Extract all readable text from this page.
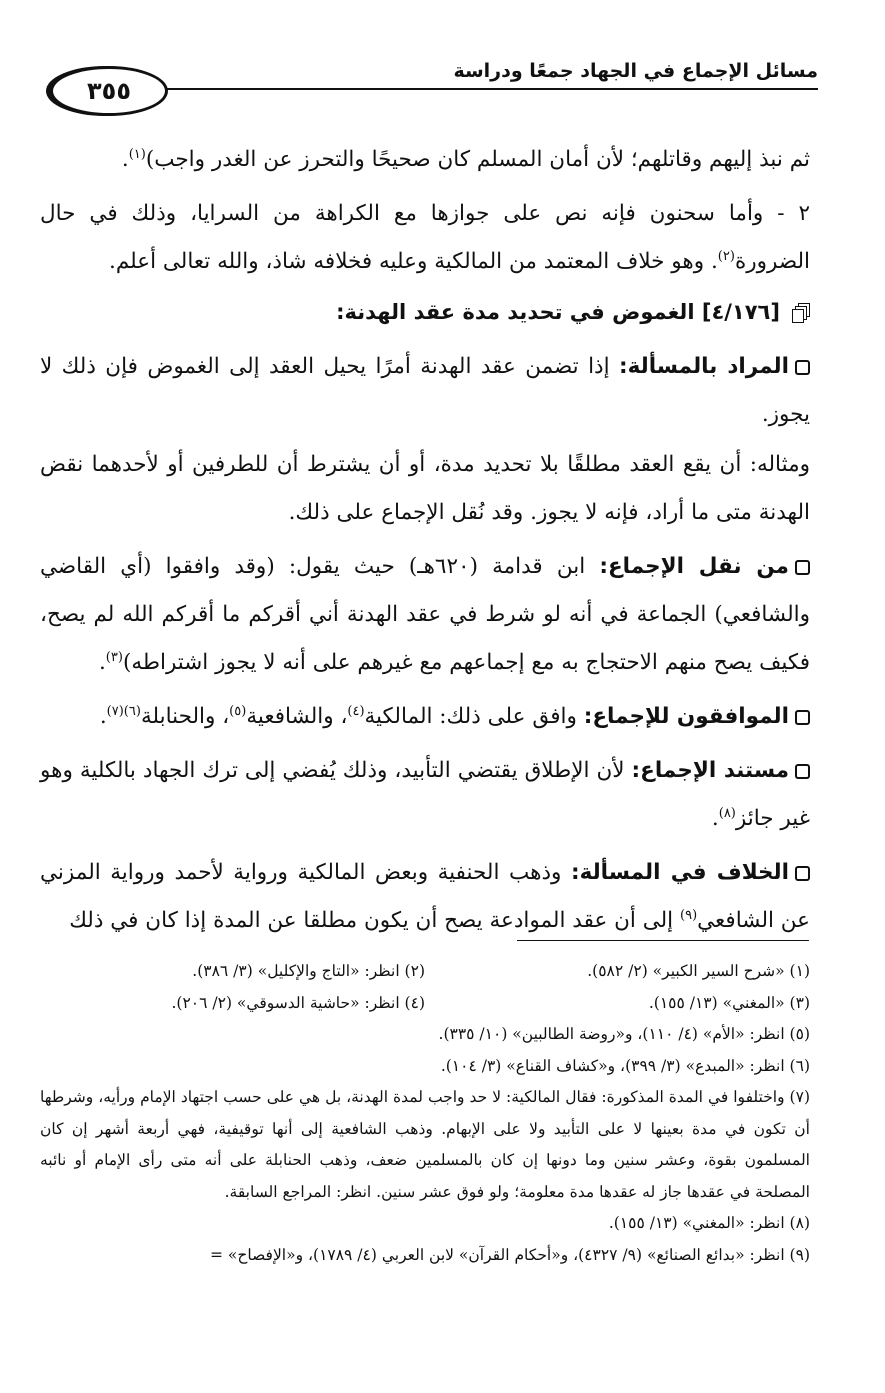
مسائل الإجماع في الجهاد جمعًا ودراسة
٣٥٥

ثم نبذ إليهم وقاتلهم؛ لأن أمان المسلم كان صحيحًا والتحرز عن الغدر واجب)$^{(١)}$.

٢ - وأما سحنون فإنه نص على جوازها مع الكراهة من السرايا، وذلك في حال الضرورة$^{(٢)}$. وهو خلاف المعتمد من المالكية وعليه فخلافه شاذ، والله تعالى أعلم.

[٤/١٧٦] الغموض في تحديد مدة عقد الهدنة:

المراد بالمسألة: إذا تضمن عقد الهدنة أمرًا يحيل العقد إلى الغموض فإن ذلك لا يجوز.

ومثاله: أن يقع العقد مطلقًا بلا تحديد مدة، أو أن يشترط أن للطرفين أو لأحدهما نقض الهدنة متى ما أراد، فإنه لا يجوز. وقد نُقل الإجماع على ذلك.

من نقل الإجماع: ابن قدامة (٦٢٠هـ) حيث يقول: (وقد وافقوا (أي القاضي والشافعي) الجماعة في أنه لو شرط في عقد الهدنة أني أقركم ما أقركم الله لم يصح، فكيف يصح منهم الاحتجاج به مع إجماعهم مع غيرهم على أنه لا يجوز اشتراطه)$^{(٣)}$.

الموافقون للإجماع: وافق على ذلك: المالكية$^{(٤)}$، والشافعية$^{(٥)}$، والحنابلة$^{(٦)(٧)}$.

مستند الإجماع: لأن الإطلاق يقتضي التأبيد، وذلك يُفضي إلى ترك الجهاد بالكلية وهو غير جائز$^{(٨)}$.

الخلاف في المسألة: وذهب الحنفية وبعض المالكية ورواية لأحمد ورواية المزني عن الشافعي$^{(٩)}$ إلى أن عقد الموادعة يصح أن يكون مطلقا عن المدة إذا كان في ذلك

(١) «شرح السير الكبير» (٢/ ٥٨٢).
(٢) انظر: «التاج والإكليل» (٣/ ٣٨٦).
(٣) «المغني» (١٣/ ١٥٥).
(٤) انظر: «حاشية الدسوقي» (٢/ ٢٠٦).
(٥) انظر: «الأم» (٤/ ١١٠)، و«روضة الطالبين» (١٠/ ٣٣٥).
(٦) انظر: «المبدع» (٣/ ٣٩٩)، و«كشاف القناع» (٣/ ١٠٤).
(٧) واختلفوا في المدة المذكورة: فقال المالكية: لا حد واجب لمدة الهدنة، بل هي على حسب اجتهاد الإمام ورأيه، وشرطها أن تكون في مدة بعينها لا على التأبيد ولا على الإبهام. وذهب الشافعية إلى أنها توقيفية، فهي أربعة أشهر إن كان المسلمون بقوة، وعشر سنين وما دونها إن كان بالمسلمين ضعف، وذهب الحنابلة على أنه متى رأى الإمام أو نائبه المصلحة في عقدها جاز له عقدها مدة معلومة؛ ولو فوق عشر سنين. انظر: المراجع السابقة.
(٨) انظر: «المغني» (١٣/ ١٥٥).
(٩) انظر: «بدائع الصنائع» (٩/ ٤٣٢٧)، و«أحكام القرآن» لابن العربي (٤/ ١٧٨٩)، و«الإفصاح» =
